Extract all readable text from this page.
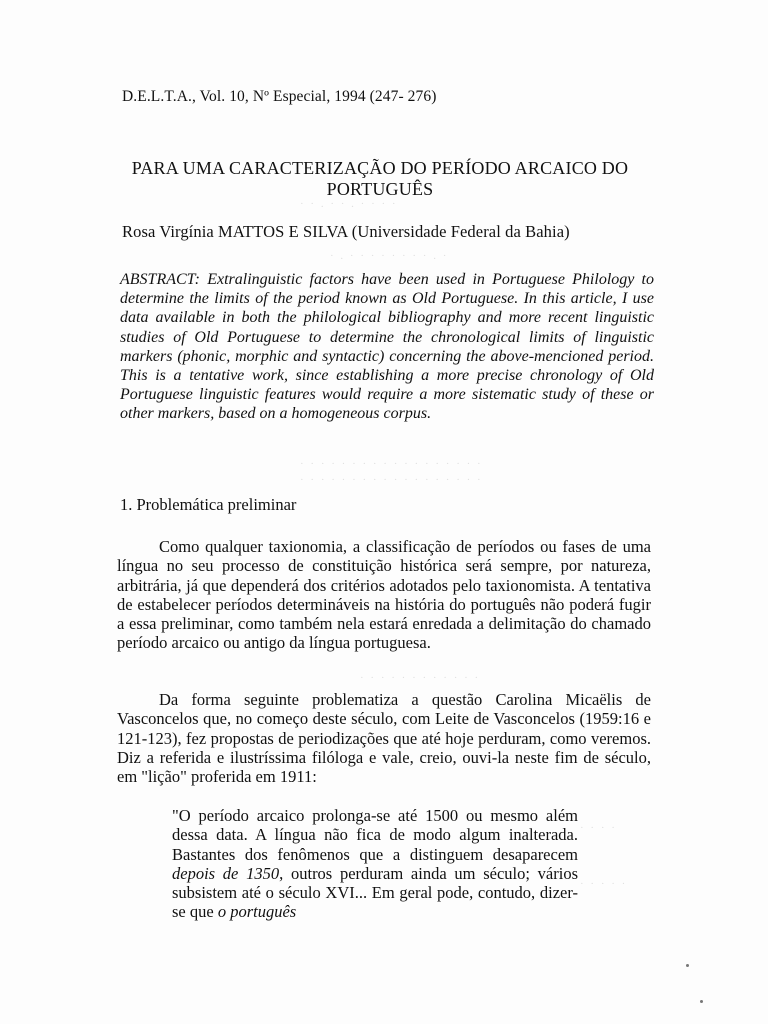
D.E.L.T.A., Vol. 10, Nº Especial, 1994 (247- 276)
PARA UMA CARACTERIZAÇÃO DO PERÍODO ARCAICO DO PORTUGUÊS
Rosa Virgínia MATTOS E SILVA (Universidade Federal da Bahia)
ABSTRACT: Extralinguistic factors have been used in Portuguese Philology to determine the limits of the period known as Old Portuguese. In this article, I use data available in both the philological bibliography and more recent linguistic studies of Old Portuguese to determine the chronological limits of linguistic markers (phonic, morphic and syntactic) concerning the above-mencioned period. This is a tentative work, since establishing a more precise chronology of Old Portuguese linguistic features would require a more sistematic study of these or other markers, based on a homogeneous corpus.
1. Problemática preliminar
Como qualquer taxionomia, a classificação de períodos ou fases de uma língua no seu processo de constituição histórica será sempre, por natureza, arbitrária, já que dependerá dos critérios adotados pelo taxionomista. A tentativa de estabelecer períodos determináveis na história do português não poderá fugir a essa preliminar, como também nela estará enredada a delimitação do chamado período arcaico ou antigo da língua portuguesa.
Da forma seguinte problematiza a questão Carolina Micaëlis de Vasconcelos que, no começo deste século, com Leite de Vasconcelos (1959:16 e 121-123), fez propostas de periodizações que até hoje perduram, como veremos. Diz a referida e ilustríssima filóloga e vale, creio, ouvi-la neste fim de século, em "lição" proferida em 1911:
"O período arcaico prolonga-se até 1500 ou mesmo além dessa data. A língua não fica de modo algum inalterada. Bastantes dos fenômenos que a distinguem desaparecem depois de 1350, outros perduram ainda um século; vários subsistem até o século XVI... Em geral pode, contudo, dizer-se que o português
· · . · · . · · · ·
· . · · · · · · · · . ·
· · · · · · · · · · · · · · · · · ·
· · · · · · · · · · · · · · · · · ·
· · · · · · · · · · · ·
· · · ·
· · · · ·
